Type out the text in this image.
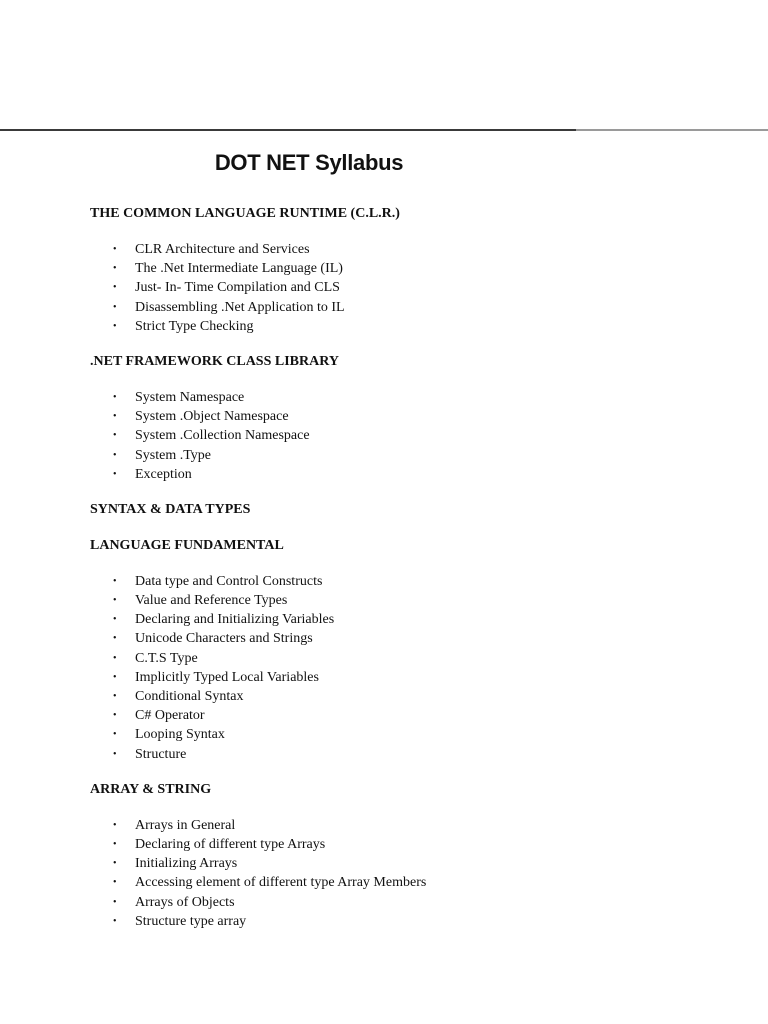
DOT NET Syllabus
THE COMMON LANGUAGE RUNTIME (C.L.R.)
• CLR Architecture and Services
• The .Net Intermediate Language (IL)
• Just- In- Time Compilation and CLS
• Disassembling .Net Application to IL
• Strict Type Checking
.NET FRAMEWORK CLASS LIBRARY
• System Namespace
• System .Object Namespace
• System .Collection Namespace
• System .Type
• Exception
SYNTAX & DATA TYPES
LANGUAGE FUNDAMENTAL
• Data type and Control Constructs
• Value and Reference Types
• Declaring and Initializing Variables
• Unicode Characters and Strings
• C.T.S Type
• Implicitly Typed Local Variables
• Conditional Syntax
• C# Operator
• Looping Syntax
• Structure
ARRAY & STRING
• Arrays in General
• Declaring of different type Arrays
• Initializing Arrays
• Accessing element of different type Array Members
• Arrays of Objects
• Structure type array
